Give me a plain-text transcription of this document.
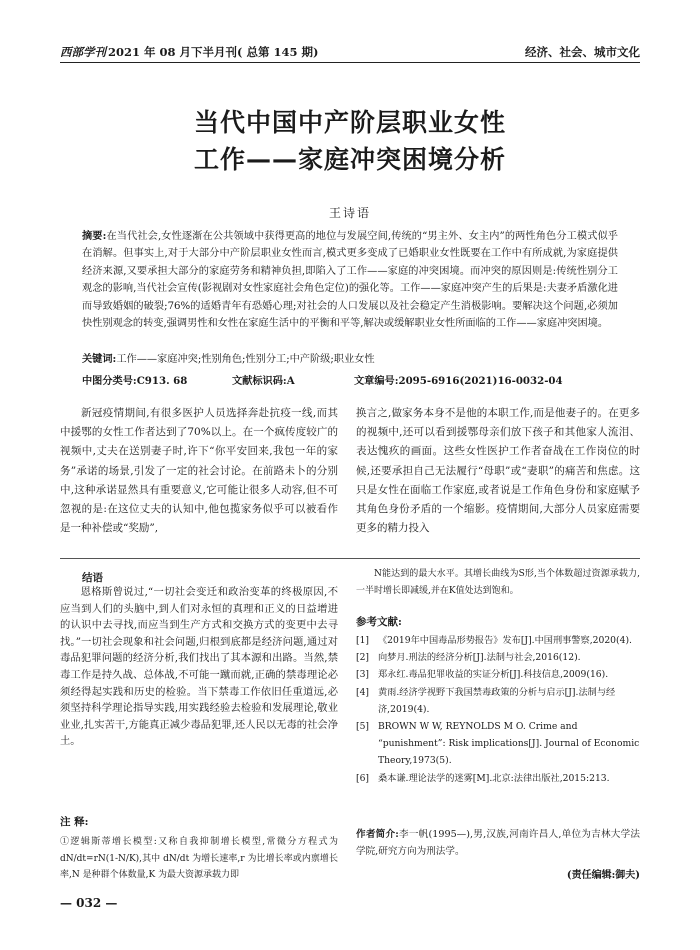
西部学刊 2021 年 08 月下半月刊( 总第 145 期)	经济、社会、城市文化
当代中国中产阶层职业女性
工作——家庭冲突困境分析
王诗语
摘要:在当代社会,女性逐渐在公共领域中获得更高的地位与发展空间,传统的“男主外、女主内”的两性角色分工模式似乎在消解。但事实上,对于大部分中产阶层职业女性而言,模式更多变成了已婚职业女性既要在工作中有所成就,为家庭提供经济来源,又要承担大部分的家庭劳务和精神负担,即陷入了工作——家庭的冲突困境。而冲突的原因则是:传统性别分工观念的影响,当代社会宣传(影视剧对女性家庭社会角色定位)的强化等。工作——家庭冲突产生的后果是:夫妻矛盾激化进而导致婚姻的破裂;76%的适婚青年有恐婚心理;对社会的人口发展以及社会稳定产生消极影响。要解决这个问题,必须加快性别观念的转变,强调男性和女性在家庭生活中的平衡和平等,解决或缓解职业女性所面临的工作——家庭冲突困境。
关键词:工作——家庭冲突;性别角色;性别分工;中产阶级;职业女性
中图分类号:C913. 68	文献标识码:A	文章编号:2095-6916(2021)16-0032-04

新冠疫情期间,有很多医护人员选择奔赴抗疫一线,而其中援鄂的女性工作者达到了70%以上。在一个疯传度较广的视频中,丈夫在送别妻子时,许下“你平安回来,我包一年的家务”承诺的场景,引发了一定的社会讨论。在前路未卜的分别中,这种承诺显然具有重要意义,它可能让很多人动容,但不可忽视的是:在这位丈夫的认知中,他包揽家务似乎可以被看作是一种补偿或“奖励”,

换言之,做家务本身不是他的本职工作,而是他妻子的。在更多的视频中,还可以看到援鄂母亲们放下孩子和其他家人流泪、表达愧疚的画面。这些女性医护工作者奋战在工作岗位的时候,还要承担自己无法履行“母职”或“妻职”的痛苦和焦虑。这只是女性在面临工作家庭,或者说是工作角色身份和家庭赋予其角色身份矛盾的一个缩影。疫情期间,大部分人员家庭需要更多的精力投入

结语

恩格斯曾说过,“一切社会变迁和政治变革的终极原因,不应当到人们的头脑中,到人们对永恒的真理和正义的日益增进的认识中去寻找,而应当到生产方式和交换方式的变更中去寻找。”一切社会现象和社会问题,归根到底都是经济问题,通过对毒品犯罪问题的经济分析,我们找出了其本源和出路。当然,禁毒工作是持久战、总体战,不可能一蹴而就,正确的禁毒理论必须经得起实践和历史的检验。当下禁毒工作依旧任重道远,必须坚持科学理论指导实践,用实践经验去检验和发展理论,敬业业业,扎实苦干,方能真正减少毒品犯罪,还人民以无毒的社会净土。

注 释:

①逻辑斯蒂增长模型:又称自我抑制增长模型,常微分方程式为 dN/dt=rN(1-N/K),其中 dN/dt 为增长速率,r 为比增长率或内禀增长率,N 是种群个体数量,K 为最大资源承载力即

N能达到的最大水平。其增长曲线为S形,当个体数超过资源承载力,一半时增长即减缓,并在K值处达到饱和。

参考文献:
[1] 《2019年中国毒品形势报告》发布[J].中国刑事警察,2020(4).
[2] 向梦月.刑法的经济分析[J].法制与社会,2016(12).
[3] 郑永红.毒品犯罪收益的实证分析[J].科技信息,2009(16).
[4] 黄雨.经济学视野下我国禁毒政策的分析与启示[J].法制与经济,2019(4).
[5] BROWN W W, REYNOLDS M O. Crime and “punishment”: Risk implications[J]. Journal of Economic Theory,1973(5).
[6] 桑本谦.理论法学的迷雾[M].北京:法律出版社,2015:213.
作者简介:李一帆(1995—),男,汉族,河南许昌人,单位为吉林大学法学院,研究方向为刑法学。
(责任编辑:御夫)
— 032 —
